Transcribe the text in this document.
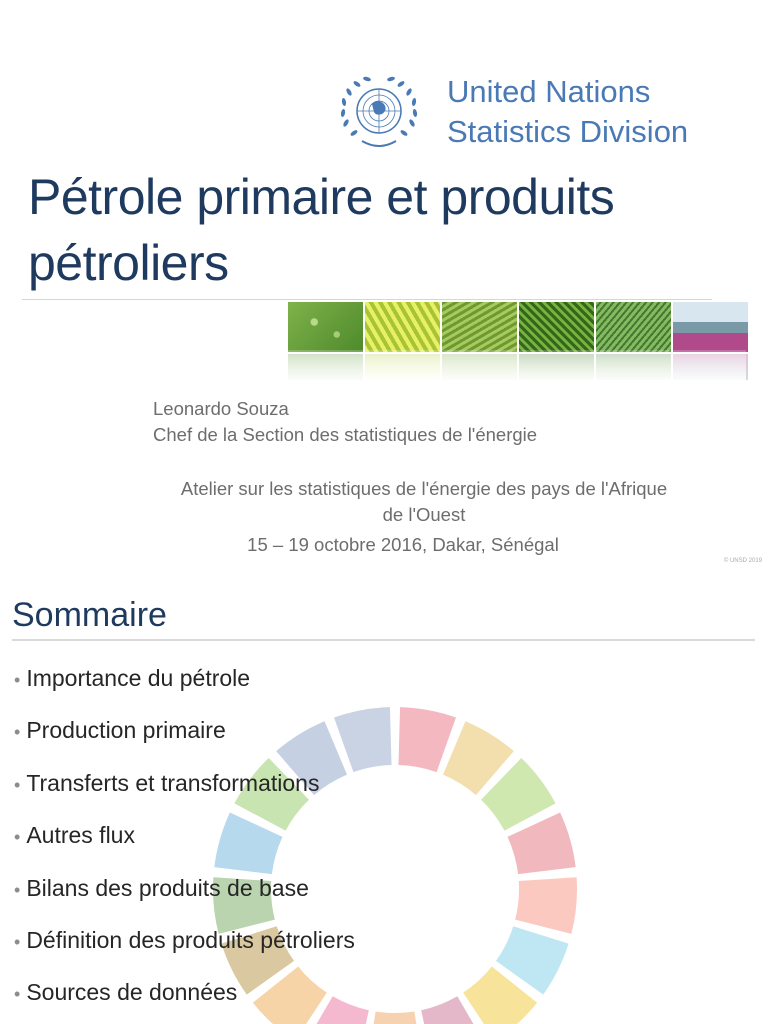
United Nations
Statistics Division
Pétrole primaire et produits
pétroliers
Leonardo Souza
Chef de la Section des statistiques de l'énergie
Atelier sur les statistiques de l'énergie des pays de l'Afrique
de l'Ouest
15 – 19 octobre 2016, Dakar, Sénégal
© UNSD 2019
Sommaire
• Importance du pétrole
• Production primaire
• Transferts et transformations
• Autres flux
• Bilans des produits de base
• Définition des produits pétroliers
• Sources de données
